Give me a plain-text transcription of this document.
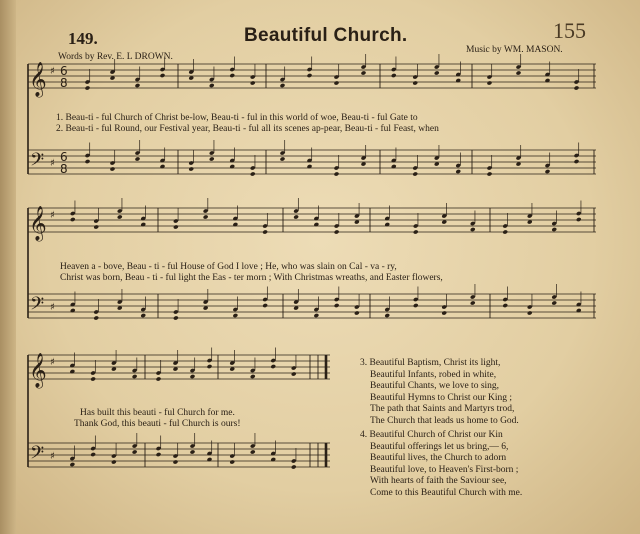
149.	Beautiful Church.	155
Words by Rev. E. L DROWN.
Music by WM. MASON.
𝄞
𝄢
♯
♯
6
8
6
8
𝄞
𝄢
♯
♯
𝄞
𝄢
♯
♯
1. Beau-ti - ful Church of Christ be-low, Beau-ti - ful in this world of woe, Beau-ti - ful Gate to
2. Beau-ti - ful Round, our Festival year, Beau-ti - ful all its scenes ap-pear, Beau-ti - ful Feast, when
Heaven a - bove, Beau - ti - ful House of God I love ; He, who was slain on Cal - va - ry,
Christ was born, Beau - ti - ful light the Eas - ter morn ; With Christmas wreaths, and Easter flowers,
Has built this beauti - ful Church for me.
Thank God, this beauti - ful Church is ours!
3. Beautiful Baptism, Christ its light,
Beautiful Infants, robed in white,
Beautiful Chants, we love to sing,
Beautiful Hymns to Christ our King ;
The path that Saints and Martyrs trod,
The Church that leads us home to God.
4. Beautiful Church of Christ our Kin
Beautiful offerings let us bring,— 6,
Beautiful lives, the Church to adorn
Beautiful love, to Heaven's First-born ;
With hearts of faith the Saviour see,
Come to this Beautiful Church with me.
